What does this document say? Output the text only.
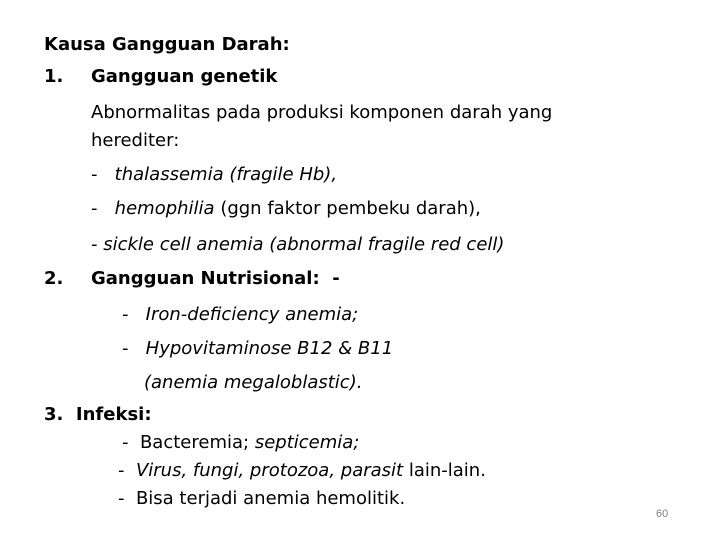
Kausa Gangguan Darah:
1. Gangguan genetik
Abnormalitas pada produksi komponen darah yang
herediter:
- thalassemia (fragile Hb),
- hemophilia (ggn faktor pembeku darah),
- sickle cell anemia (abnormal fragile red cell)
2. Gangguan Nutrisional: -
- Iron-deficiency anemia;
- Hypovitaminose B12 & B11
(anemia megaloblastic).
3. Infeksi:
- Bacteremia; septicemia;
- Virus, fungi, protozoa, parasit lain-lain.
- Bisa terjadi anemia hemolitik.
60
